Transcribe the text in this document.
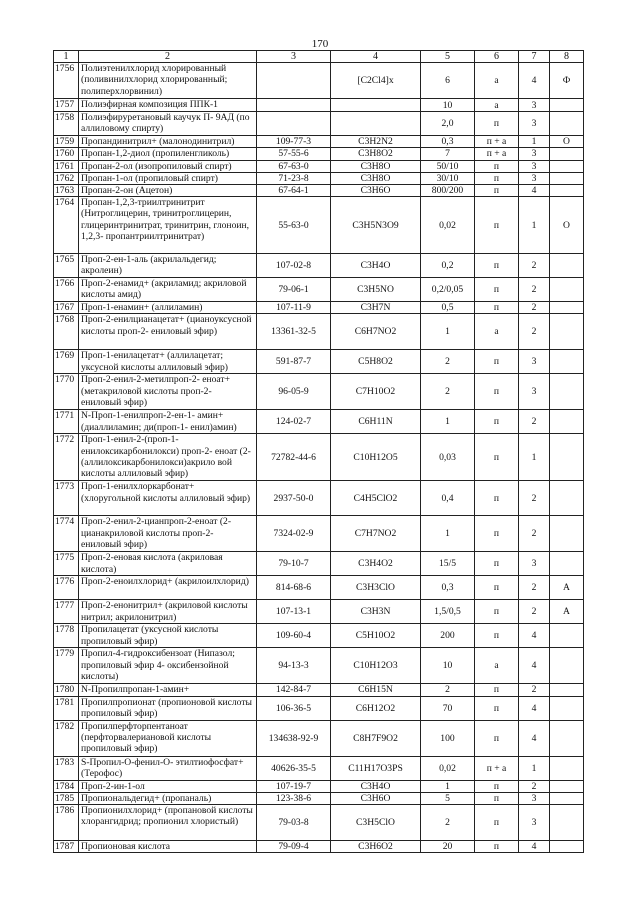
170
1	2	3	4	5	6	7	8
1756	Полиэтенилхлорид хлорированный (поливинилхлорид хлорированный; полиперхлорвинил)		[C2Cl4]x	6	а	4	Ф
1757	Полиэфирная композиция ППК-1			10	а	3	
1758	Полиэфируретановый каучук П- 9АД (по аллиловому спирту)			2,0	п	3	
1759	Пропандинитрил+ (малонодинитрил)	109-77-3	C3H2N2	0,3	п + а	1	О
1760	Пропан-1,2-диол (пропиленгликоль)	57-55-6	C3H8O2	7	п + а	3	
1761	Пропан-2-ол (изопропиловый спирт)	67-63-0	C3H8O	50/10	п	3	
1762	Пропан-1-ол (пропиловый спирт)	71-23-8	C3H8O	30/10	п	3	
1763	Пропан-2-он (Ацетон)	67-64-1	C3H6O	800/200	п	4	
1764	Пропан-1,2,3-триилтринитрит (Нитроглицерин, тринитроглицерин, глицеринтринитрат, тринитрин, глоноин, 1,2,3- пропантриилтринитрат)	55-63-0	C3H5N3O9	0,02	п	1	О
1765	Проп-2-ен-1-аль (акрилальдегид; акролеин)	107-02-8	C3H4O	0,2	п	2	
1766	Проп-2-енамид+ (акриламид; акриловой кислоты амид)	79-06-1	C3H5NO	0,2/0,05	п	2	
1767	Проп-1-енамин+ (аллиламин)	107-11-9	C3H7N	0,5	п	2	
1768	Проп-2-енилцианацетат+ (цианоуксусной кислоты проп-2- ениловый эфир)	13361-32-5	C6H7NO2	1	а	2	
1769	Проп-1-енилацетат+ (аллилацетат; уксусной кислоты аллиловый эфир)	591-87-7	C5H8O2	2	п	3	
1770	Проп-2-енил-2-метилпроп-2- еноат+ (метакриловой кислоты проп-2- ениловый эфир)	96-05-9	C7H10O2	2	п	3	
1771	N-Проп-1-енилпроп-2-ен-1- амин+ (диаллиламин; ди(проп-1- енил)амин)	124-02-7	C6H11N	1	п	2	
1772	Проп-1-енил-2-(проп-1- енилоксикарбонилокси) проп-2- еноат (2-(аллилоксикарбонилокси)акрило вой кислоты аллиловый эфир)	72782-44-6	C10H12O5	0,03	п	1	
1773	Проп-1-енилхлоркарбонат+ (хлоругольной кислоты аллиловый эфир)	2937-50-0	C4H5ClO2	0,4	п	2	
1774	Проп-2-енил-2-цианпроп-2-еноат (2- цианакриловой кислоты проп-2- ениловый эфир)	7324-02-9	C7H7NO2	1	п	2	
1775	Проп-2-еновая кислота (акриловая кислота)	79-10-7	C3H4O2	15/5	п	3	
1776	Проп-2-еноилхлорид+ (акрилоилхлорид)	814-68-6	C3H3ClO	0,3	п	2	А
1777	Проп-2-енонитрил+ (акриловой кислоты нитрил; акрилонитрил)	107-13-1	C3H3N	1,5/0,5	п	2	А
1778	Пропилацетат (уксусной кислоты пропиловый эфир)	109-60-4	C5H10O2	200	п	4	
1779	Пропил-4-гидроксибензоат (Нипазол; пропиловый эфир 4- оксибензойной кислоты)	94-13-3	C10H12O3	10	а	4	
1780	N-Пропилпропан-1-амин+	142-84-7	C6H15N	2	п	2	
1781	Пропилпропионат (пропионовой кислоты пропиловый эфир)	106-36-5	C6H12O2	70	п	4	
1782	Пропилперфторпентаноат (перфторвалериановой кислоты пропиловый эфир)	134638-92-9	C8H7F9O2	100	п	4	
1783	S-Пропил-О-фенил-О- этилтиофосфат+ (Терофос)	40626-35-5	C11H17O3PS	0,02	п + а	1	
1784	Проп-2-ин-1-ол	107-19-7	C3H4O	1	п	2	
1785	Пропиональдегид+ (пропаналь)	123-38-6	C3H6O	5	п	3	
1786	Пропионилхлорид+ (пропановой кислоты хлорангидрид; пропионил хлористый)	79-03-8	C3H5ClO	2	п	3	
1787	Пропионовая кислота	79-09-4	C3H6O2	20	п	4	
